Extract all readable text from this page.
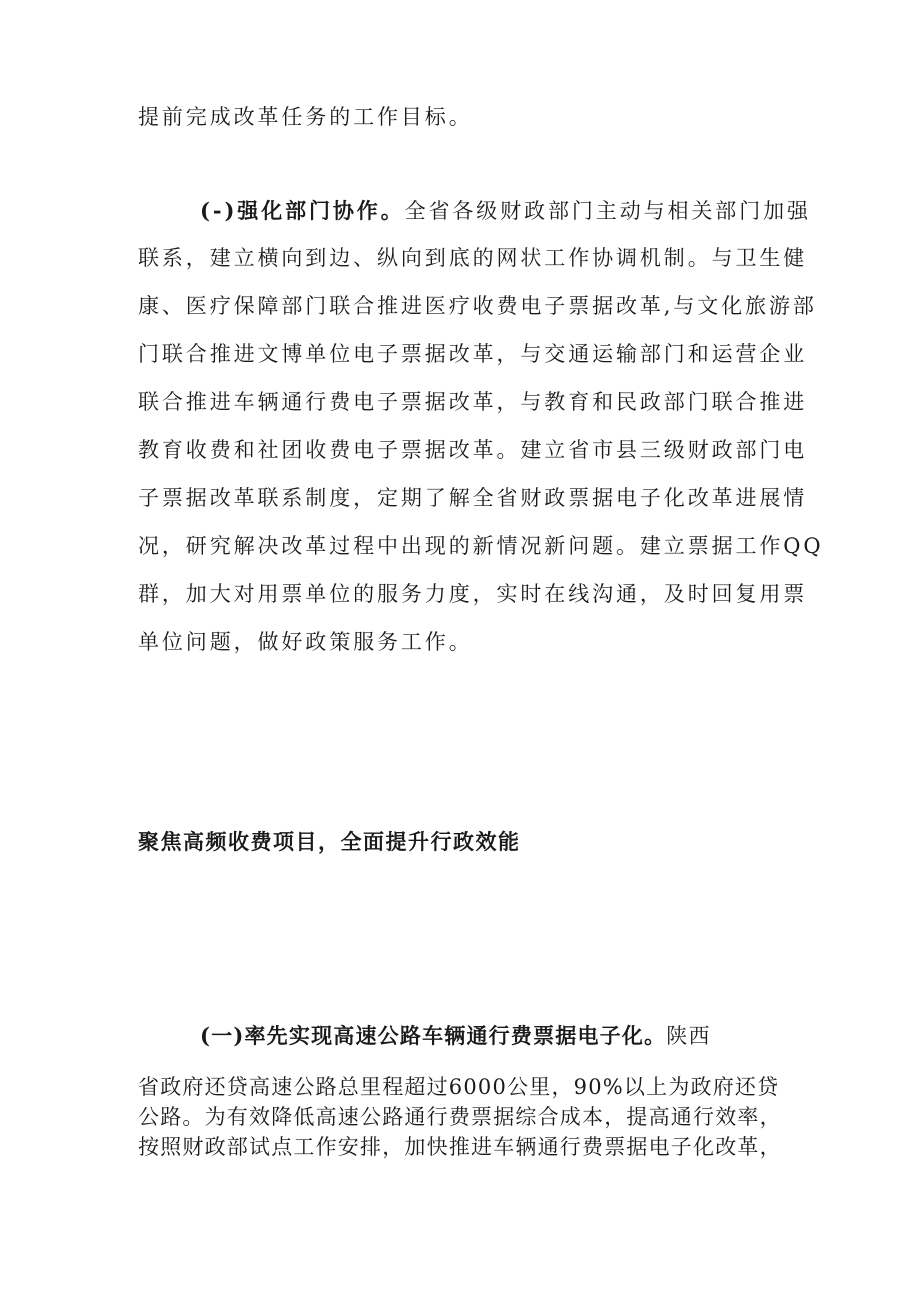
提前完成改革任务的工作目标。
(-)强化部门协作。全省各级财政部门主动与相关部门加强
联系，建立横向到边、纵向到底的网状工作协调机制。与卫生健
康、医疗保障部门联合推进医疗收费电子票据改革,与文化旅游部
门联合推进文博单位电子票据改革，与交通运输部门和运营企业
联合推进车辆通行费电子票据改革，与教育和民政部门联合推进
教育收费和社团收费电子票据改革。建立省市县三级财政部门电
子票据改革联系制度，定期了解全省财政票据电子化改革进展情
况，研究解决改革过程中出现的新情况新问题。建立票据工作QQ
群，加大对用票单位的服务力度，实时在线沟通，及时回复用票
单位问题，做好政策服务工作。
聚焦高频收费项目，全面提升行政效能
(一)率先实现高速公路车辆通行费票据电子化。陕西
省政府还贷高速公路总里程超过6000公里，90%以上为政府还贷
公路。为有效降低高速公路通行费票据综合成本，提高通行效率，
按照财政部试点工作安排，加快推进车辆通行费票据电子化改革，
